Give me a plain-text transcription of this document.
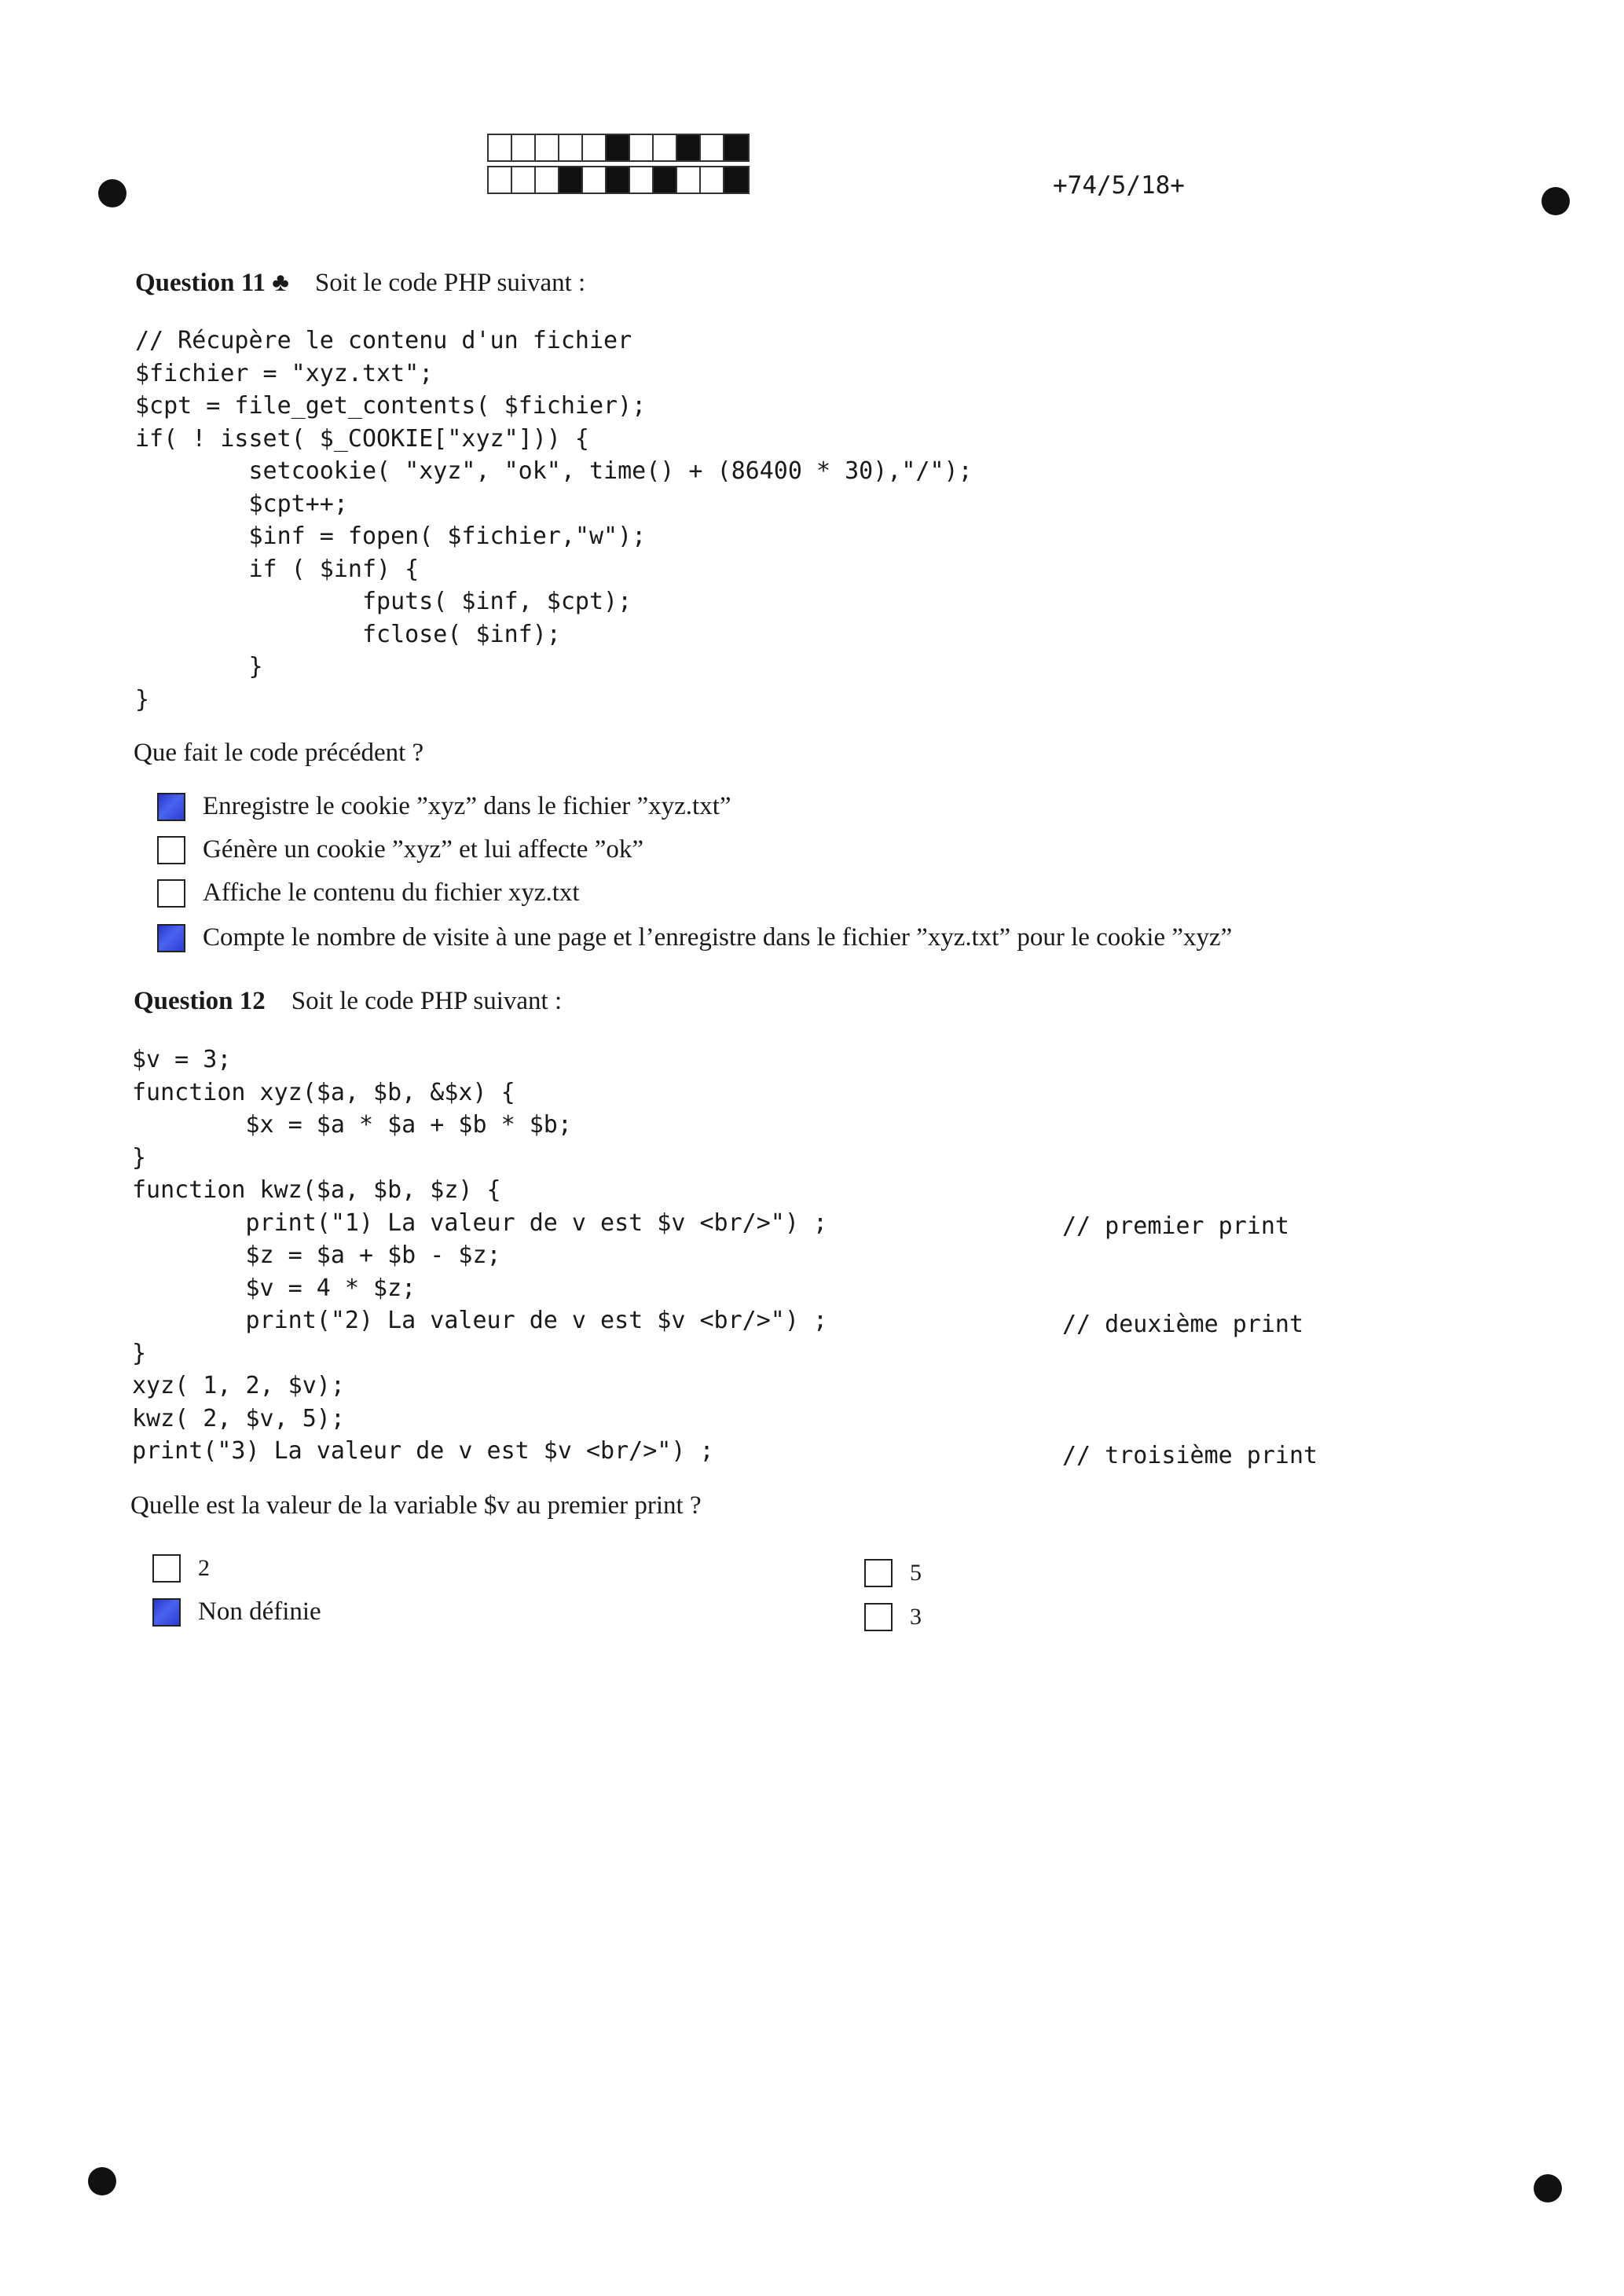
+74/5/18+
Question 11 ♣ Soit le code PHP suivant :
// Récupère le contenu d'un fichier
$fichier = "xyz.txt";
$cpt = file_get_contents( $fichier);
if( ! isset( $_COOKIE["xyz"])) {
setcookie( "xyz", "ok", time() + (86400 * 30),"/");
$cpt++;
$inf = fopen( $fichier,"w");
if ( $inf) {
fputs( $inf, $cpt);
fclose( $inf);
}
}
Que fait le code précédent ?
Enregistre le cookie ”xyz” dans le fichier ”xyz.txt”
Génère un cookie ”xyz” et lui affecte ”ok”
Affiche le contenu du fichier xyz.txt
Compte le nombre de visite à une page et l’enregistre dans le fichier ”xyz.txt” pour le cookie ”xyz”
Question 12 Soit le code PHP suivant :
$v = 3;
function xyz($a, $b, &$x) {
$x = $a * $a + $b * $b;
}
function kwz($a, $b, $z) {
print("1) La valeur de v est $v <br/>") ;
$z = $a + $b - $z;
$v = 4 * $z;
print("2) La valeur de v est $v <br/>") ;
}
xyz( 1, 2, $v);
kwz( 2, $v, 5);
print("3) La valeur de v est $v <br/>") ;
// premier print
// deuxième print
// troisième print
Quelle est la valeur de la variable $v au premier print ?
2
Non définie
5
3
